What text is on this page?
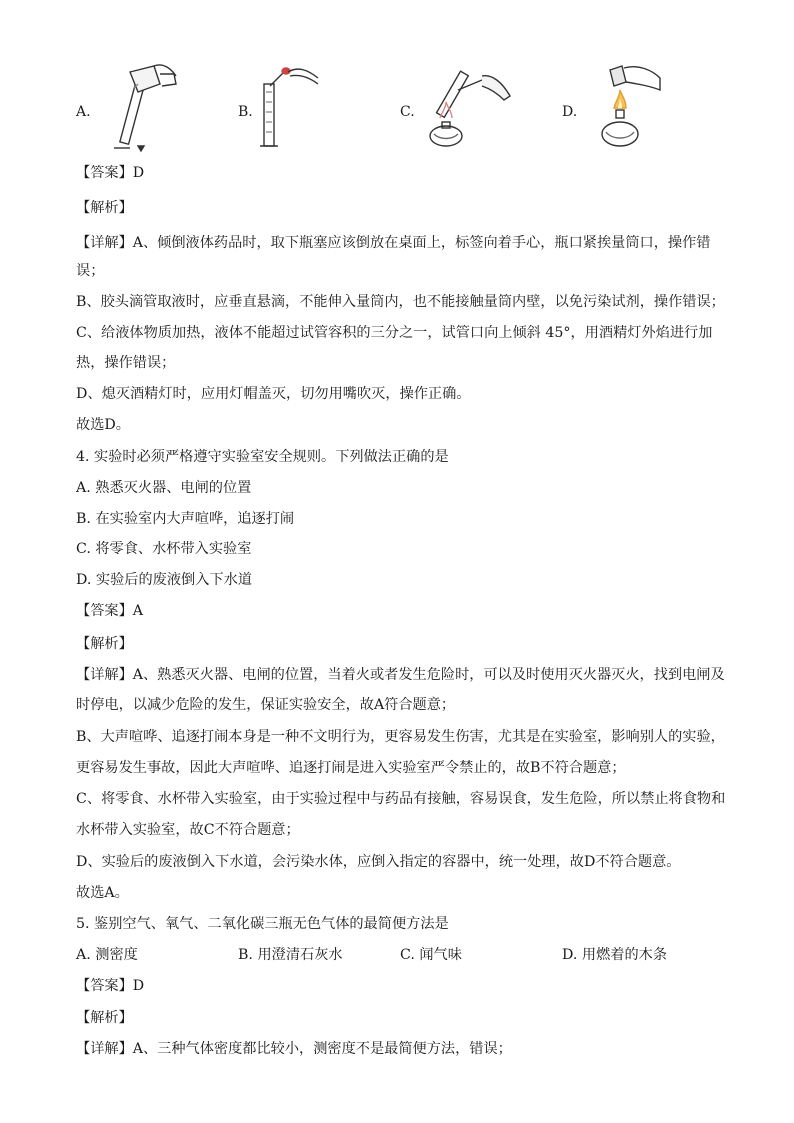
A.	B.	C.	D.
【答案】D
【解析】
【详解】A、倾倒液体药品时，取下瓶塞应该倒放在桌面上，标签向着手心，瓶口紧挨量筒口，操作错
误；
B、胶头滴管取液时，应垂直悬滴，不能伸入量筒内，也不能接触量筒内壁，以免污染试剂，操作错误；
C、给液体物质加热，液体不能超过试管容积的三分之一，试管口向上倾斜 45°，用酒精灯外焰进行加
热，操作错误；
D、熄灭酒精灯时，应用灯帽盖灭，切勿用嘴吹灭，操作正确。
故选D。
4. 实验时必须严格遵守实验室安全规则。下列做法正确的是
A. 熟悉灭火器、电闸的位置
B. 在实验室内大声喧哗，追逐打闹
C. 将零食、水杯带入实验室
D. 实验后的废液倒入下水道
【答案】A
【解析】
【详解】A、熟悉灭火器、电闸的位置，当着火或者发生危险时，可以及时使用灭火器灭火，找到电闸及
时停电，以减少危险的发生，保证实验安全，故A符合题意；
B、大声喧哗、追逐打闹本身是一种不文明行为，更容易发生伤害，尤其是在实验室，影响别人的实验，
更容易发生事故，因此大声喧哗、追逐打闹是进入实验室严令禁止的，故B不符合题意；
C、将零食、水杯带入实验室，由于实验过程中与药品有接触，容易误食，发生危险，所以禁止将食物和
水杯带入实验室，故C不符合题意；
D、实验后的废液倒入下水道，会污染水体，应倒入指定的容器中，统一处理，故D不符合题意。
故选A。
5. 鉴别空气、氧气、二氧化碳三瓶无色气体的最简便方法是
A. 测密度	B. 用澄清石灰水	C. 闻气味	D. 用燃着的木条
【答案】D
【解析】
【详解】A、三种气体密度都比较小，测密度不是最简便方法，错误；
